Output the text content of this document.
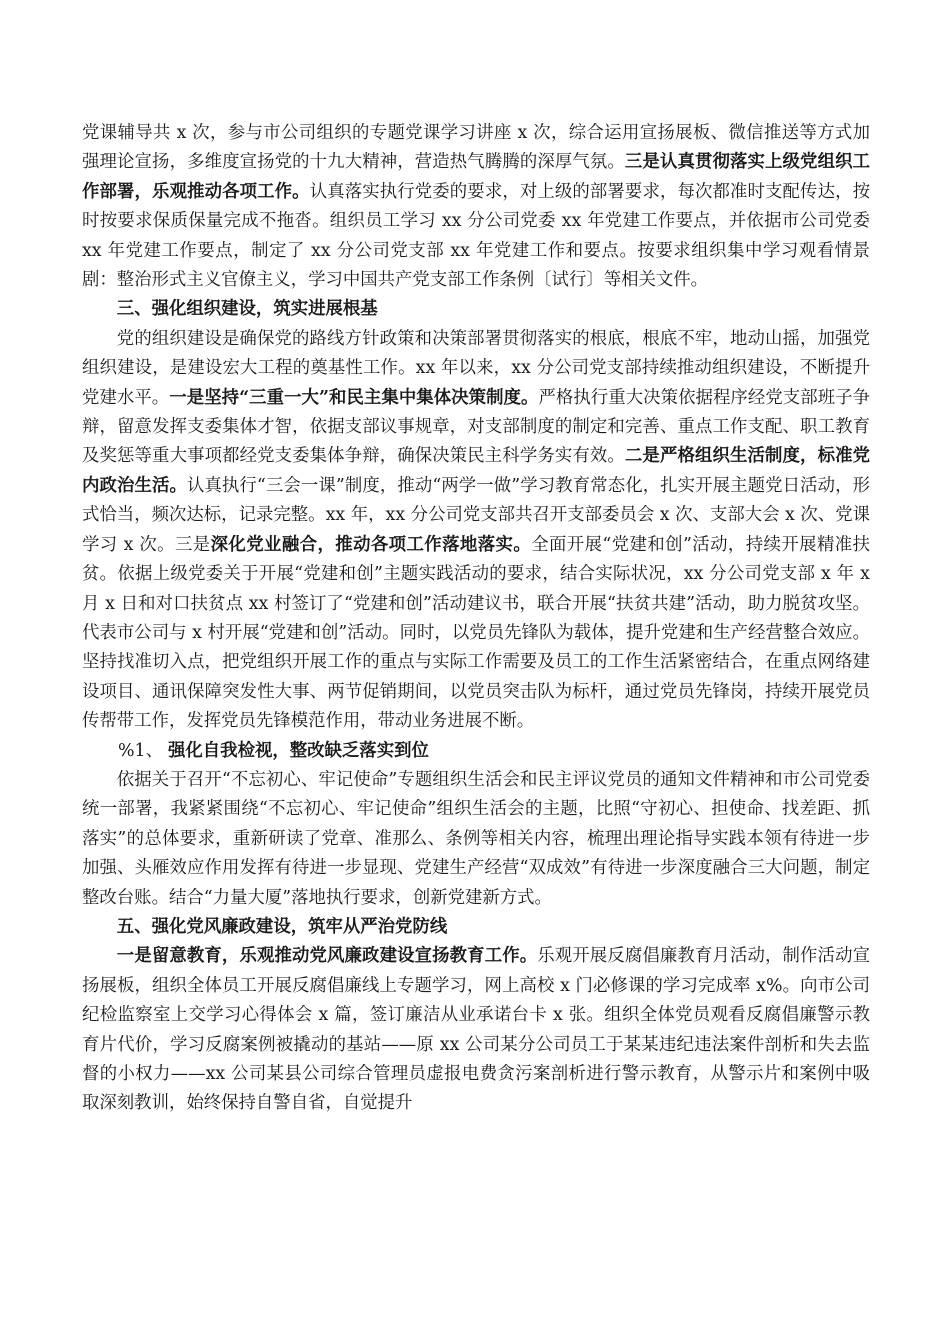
党课辅导共 x 次，参与市公司组织的专题党课学习讲座 x 次，综合运用宣扬展板、微信推送等方式加强理论宣扬，多维度宣扬党的十九大精神，营造热气腾腾的深厚气氛。三是认真贯彻落实上级党组织工作部署，乐观推动各项工作。认真落实执行党委的要求，对上级的部署要求，每次都准时支配传达，按时按要求保质保量完成不拖沓。组织员工学习 xx 分公司党委 xx 年党建工作要点，并依据市公司党委 xx 年党建工作要点，制定了 xx 分公司党支部 xx 年党建工作和要点。按要求组织集中学习观看情景剧：整治形式主义官僚主义，学习中国共产党支部工作条例〔试行〕等相关文件。

三、强化组织建设，筑实进展根基

党的组织建设是确保党的路线方针政策和决策部署贯彻落实的根底，根底不牢，地动山摇，加强党组织建设，是建设宏大工程的奠基性工作。xx 年以来，xx 分公司党支部持续推动组织建设，不断提升党建水平。一是坚持“三重一大”和民主集中集体决策制度。严格执行重大决策依据程序经党支部班子争辩，留意发挥支委集体才智，依据支部议事规章，对支部制度的制定和完善、重点工作支配、职工教育及奖惩等重大事项都经党支委集体争辩，确保决策民主科学务实有效。二是严格组织生活制度，标准党内政治生活。认真执行“三会一课”制度，推动“两学一做”学习教育常态化，扎实开展主题党日活动，形式恰当，频次达标，记录完整。xx 年，xx 分公司党支部共召开支部委员会 x 次、支部大会 x 次、党课学习 x 次。三是深化党业融合，推动各项工作落地落实。全面开展“党建和创”活动，持续开展精准扶贫。依据上级党委关于开展“党建和创”主题实践活动的要求，结合实际状况，xx 分公司党支部 x 年 x 月 x 日和对口扶贫点 xx 村签订了“党建和创”活动建议书，联合开展“扶贫共建”活动，助力脱贫攻坚。代表市公司与 x 村开展“党建和创”活动。同时，以党员先锋队为载体，提升党建和生产经营整合效应。坚持找准切入点，把党组织开展工作的重点与实际工作需要及员工的工作生活紧密结合，在重点网络建设项目、通讯保障突发性大事、两节促销期间，以党员突击队为标杆，通过党员先锋岗，持续开展党员传帮带工作，发挥党员先锋模范作用，带动业务进展不断。

%1、 强化自我检视，整改缺乏落实到位

依据关于召开“不忘初心、牢记使命”专题组织生活会和民主评议党员的通知文件精神和市公司党委统一部署，我紧紧围绕“不忘初心、牢记使命”组织生活会的主题，比照“守初心、担使命、找差距、抓落实”的总体要求，重新研读了党章、准那么、条例等相关内容，梳理出理论指导实践本领有待进一步加强、头雁效应作用发挥有待进一步显现、党建生产经营“双成效”有待进一步深度融合三大问题，制定整改台账。结合“力量大厦”落地执行要求，创新党建新方式。

五、强化党风廉政建设，筑牢从严治党防线

一是留意教育，乐观推动党风廉政建设宣扬教育工作。乐观开展反腐倡廉教育月活动，制作活动宣扬展板，组织全体员工开展反腐倡廉线上专题学习，网上高校 x 门必修课的学习完成率 x%。向市公司纪检监察室上交学习心得体会 x 篇，签订廉洁从业承诺台卡 x 张。组织全体党员观看反腐倡廉警示教育片代价，学习反腐案例被撬动的基站——原 xx 公司某分公司员工于某某违纪违法案件剖析和失去监督的小权力——xx 公司某县公司综合管理员虚报电费贪污案剖析进行警示教育，从警示片和案例中吸取深刻教训，始终保持自警自省，自觉提升
